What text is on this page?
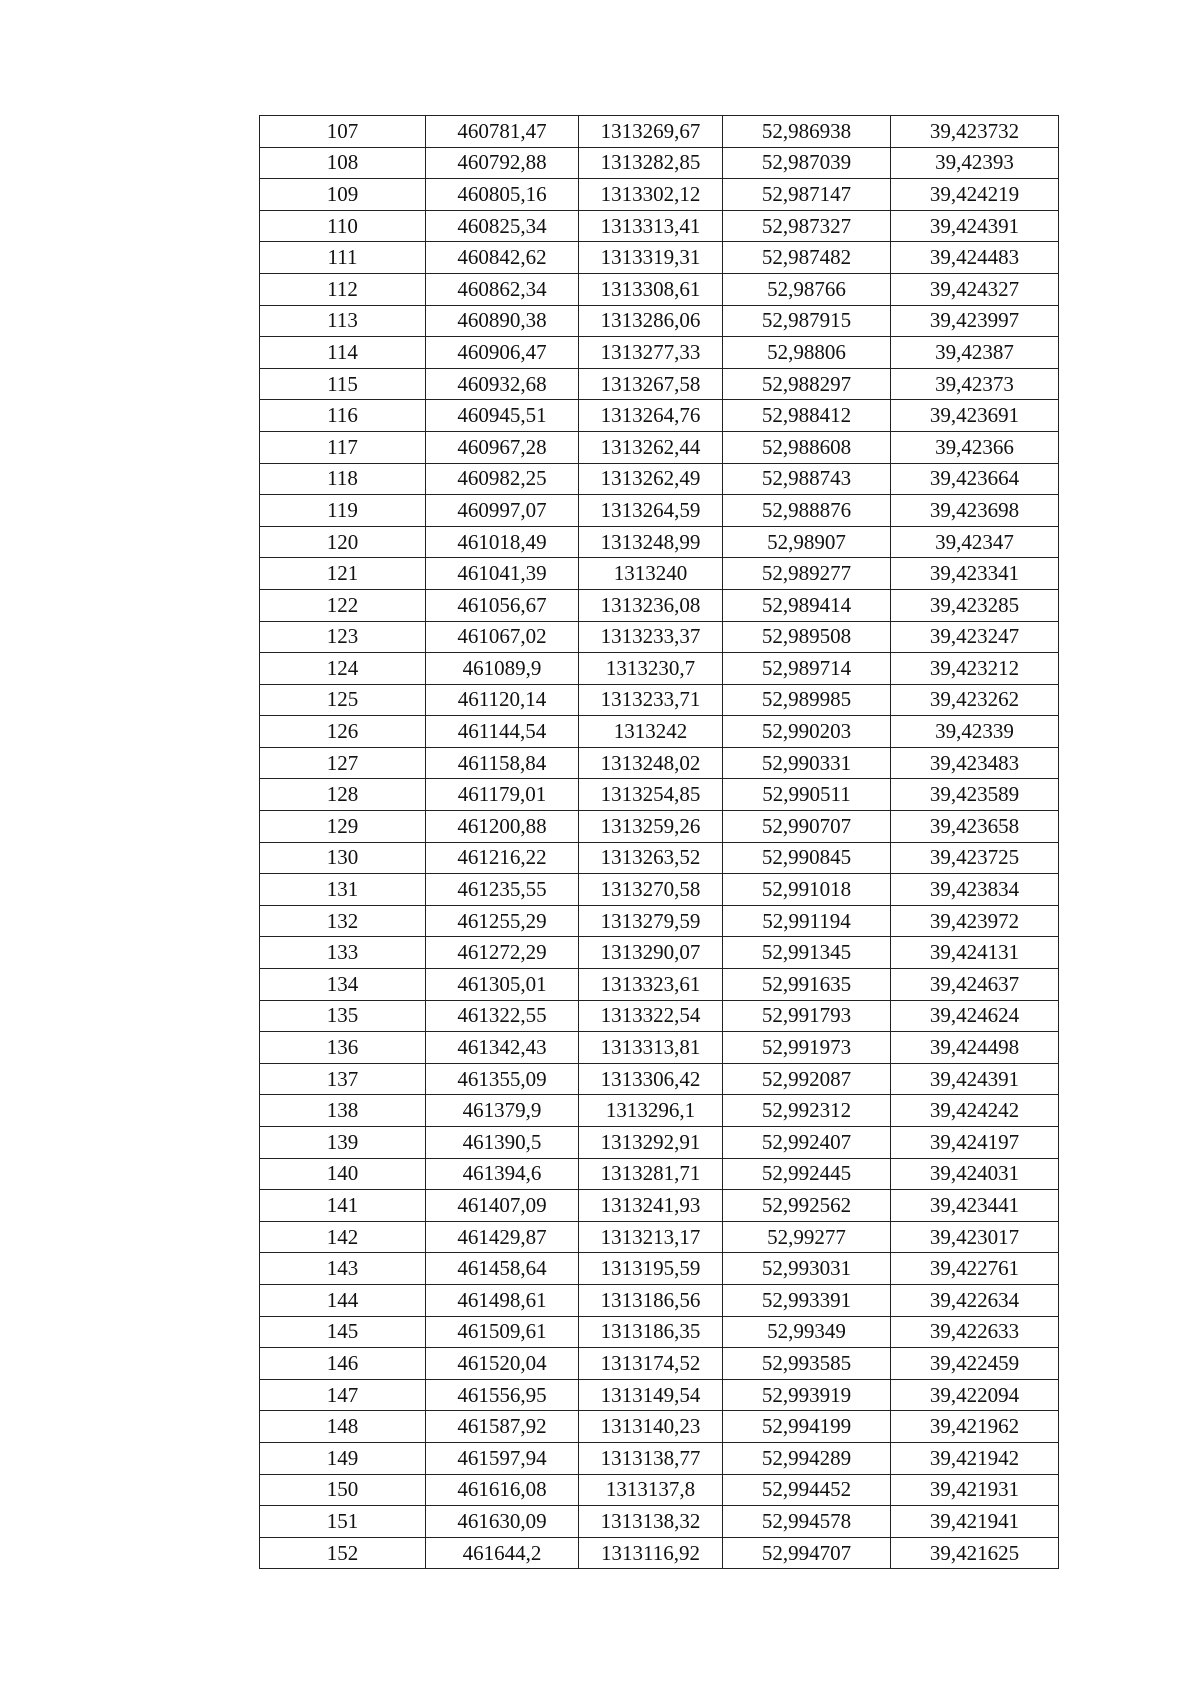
107	460781,47	1313269,67	52,986938	39,423732
108	460792,88	1313282,85	52,987039	39,42393
109	460805,16	1313302,12	52,987147	39,424219
110	460825,34	1313313,41	52,987327	39,424391
111	460842,62	1313319,31	52,987482	39,424483
112	460862,34	1313308,61	52,98766	39,424327
113	460890,38	1313286,06	52,987915	39,423997
114	460906,47	1313277,33	52,98806	39,42387
115	460932,68	1313267,58	52,988297	39,42373
116	460945,51	1313264,76	52,988412	39,423691
117	460967,28	1313262,44	52,988608	39,42366
118	460982,25	1313262,49	52,988743	39,423664
119	460997,07	1313264,59	52,988876	39,423698
120	461018,49	1313248,99	52,98907	39,42347
121	461041,39	1313240	52,989277	39,423341
122	461056,67	1313236,08	52,989414	39,423285
123	461067,02	1313233,37	52,989508	39,423247
124	461089,9	1313230,7	52,989714	39,423212
125	461120,14	1313233,71	52,989985	39,423262
126	461144,54	1313242	52,990203	39,42339
127	461158,84	1313248,02	52,990331	39,423483
128	461179,01	1313254,85	52,990511	39,423589
129	461200,88	1313259,26	52,990707	39,423658
130	461216,22	1313263,52	52,990845	39,423725
131	461235,55	1313270,58	52,991018	39,423834
132	461255,29	1313279,59	52,991194	39,423972
133	461272,29	1313290,07	52,991345	39,424131
134	461305,01	1313323,61	52,991635	39,424637
135	461322,55	1313322,54	52,991793	39,424624
136	461342,43	1313313,81	52,991973	39,424498
137	461355,09	1313306,42	52,992087	39,424391
138	461379,9	1313296,1	52,992312	39,424242
139	461390,5	1313292,91	52,992407	39,424197
140	461394,6	1313281,71	52,992445	39,424031
141	461407,09	1313241,93	52,992562	39,423441
142	461429,87	1313213,17	52,99277	39,423017
143	461458,64	1313195,59	52,993031	39,422761
144	461498,61	1313186,56	52,993391	39,422634
145	461509,61	1313186,35	52,99349	39,422633
146	461520,04	1313174,52	52,993585	39,422459
147	461556,95	1313149,54	52,993919	39,422094
148	461587,92	1313140,23	52,994199	39,421962
149	461597,94	1313138,77	52,994289	39,421942
150	461616,08	1313137,8	52,994452	39,421931
151	461630,09	1313138,32	52,994578	39,421941
152	461644,2	1313116,92	52,994707	39,421625
